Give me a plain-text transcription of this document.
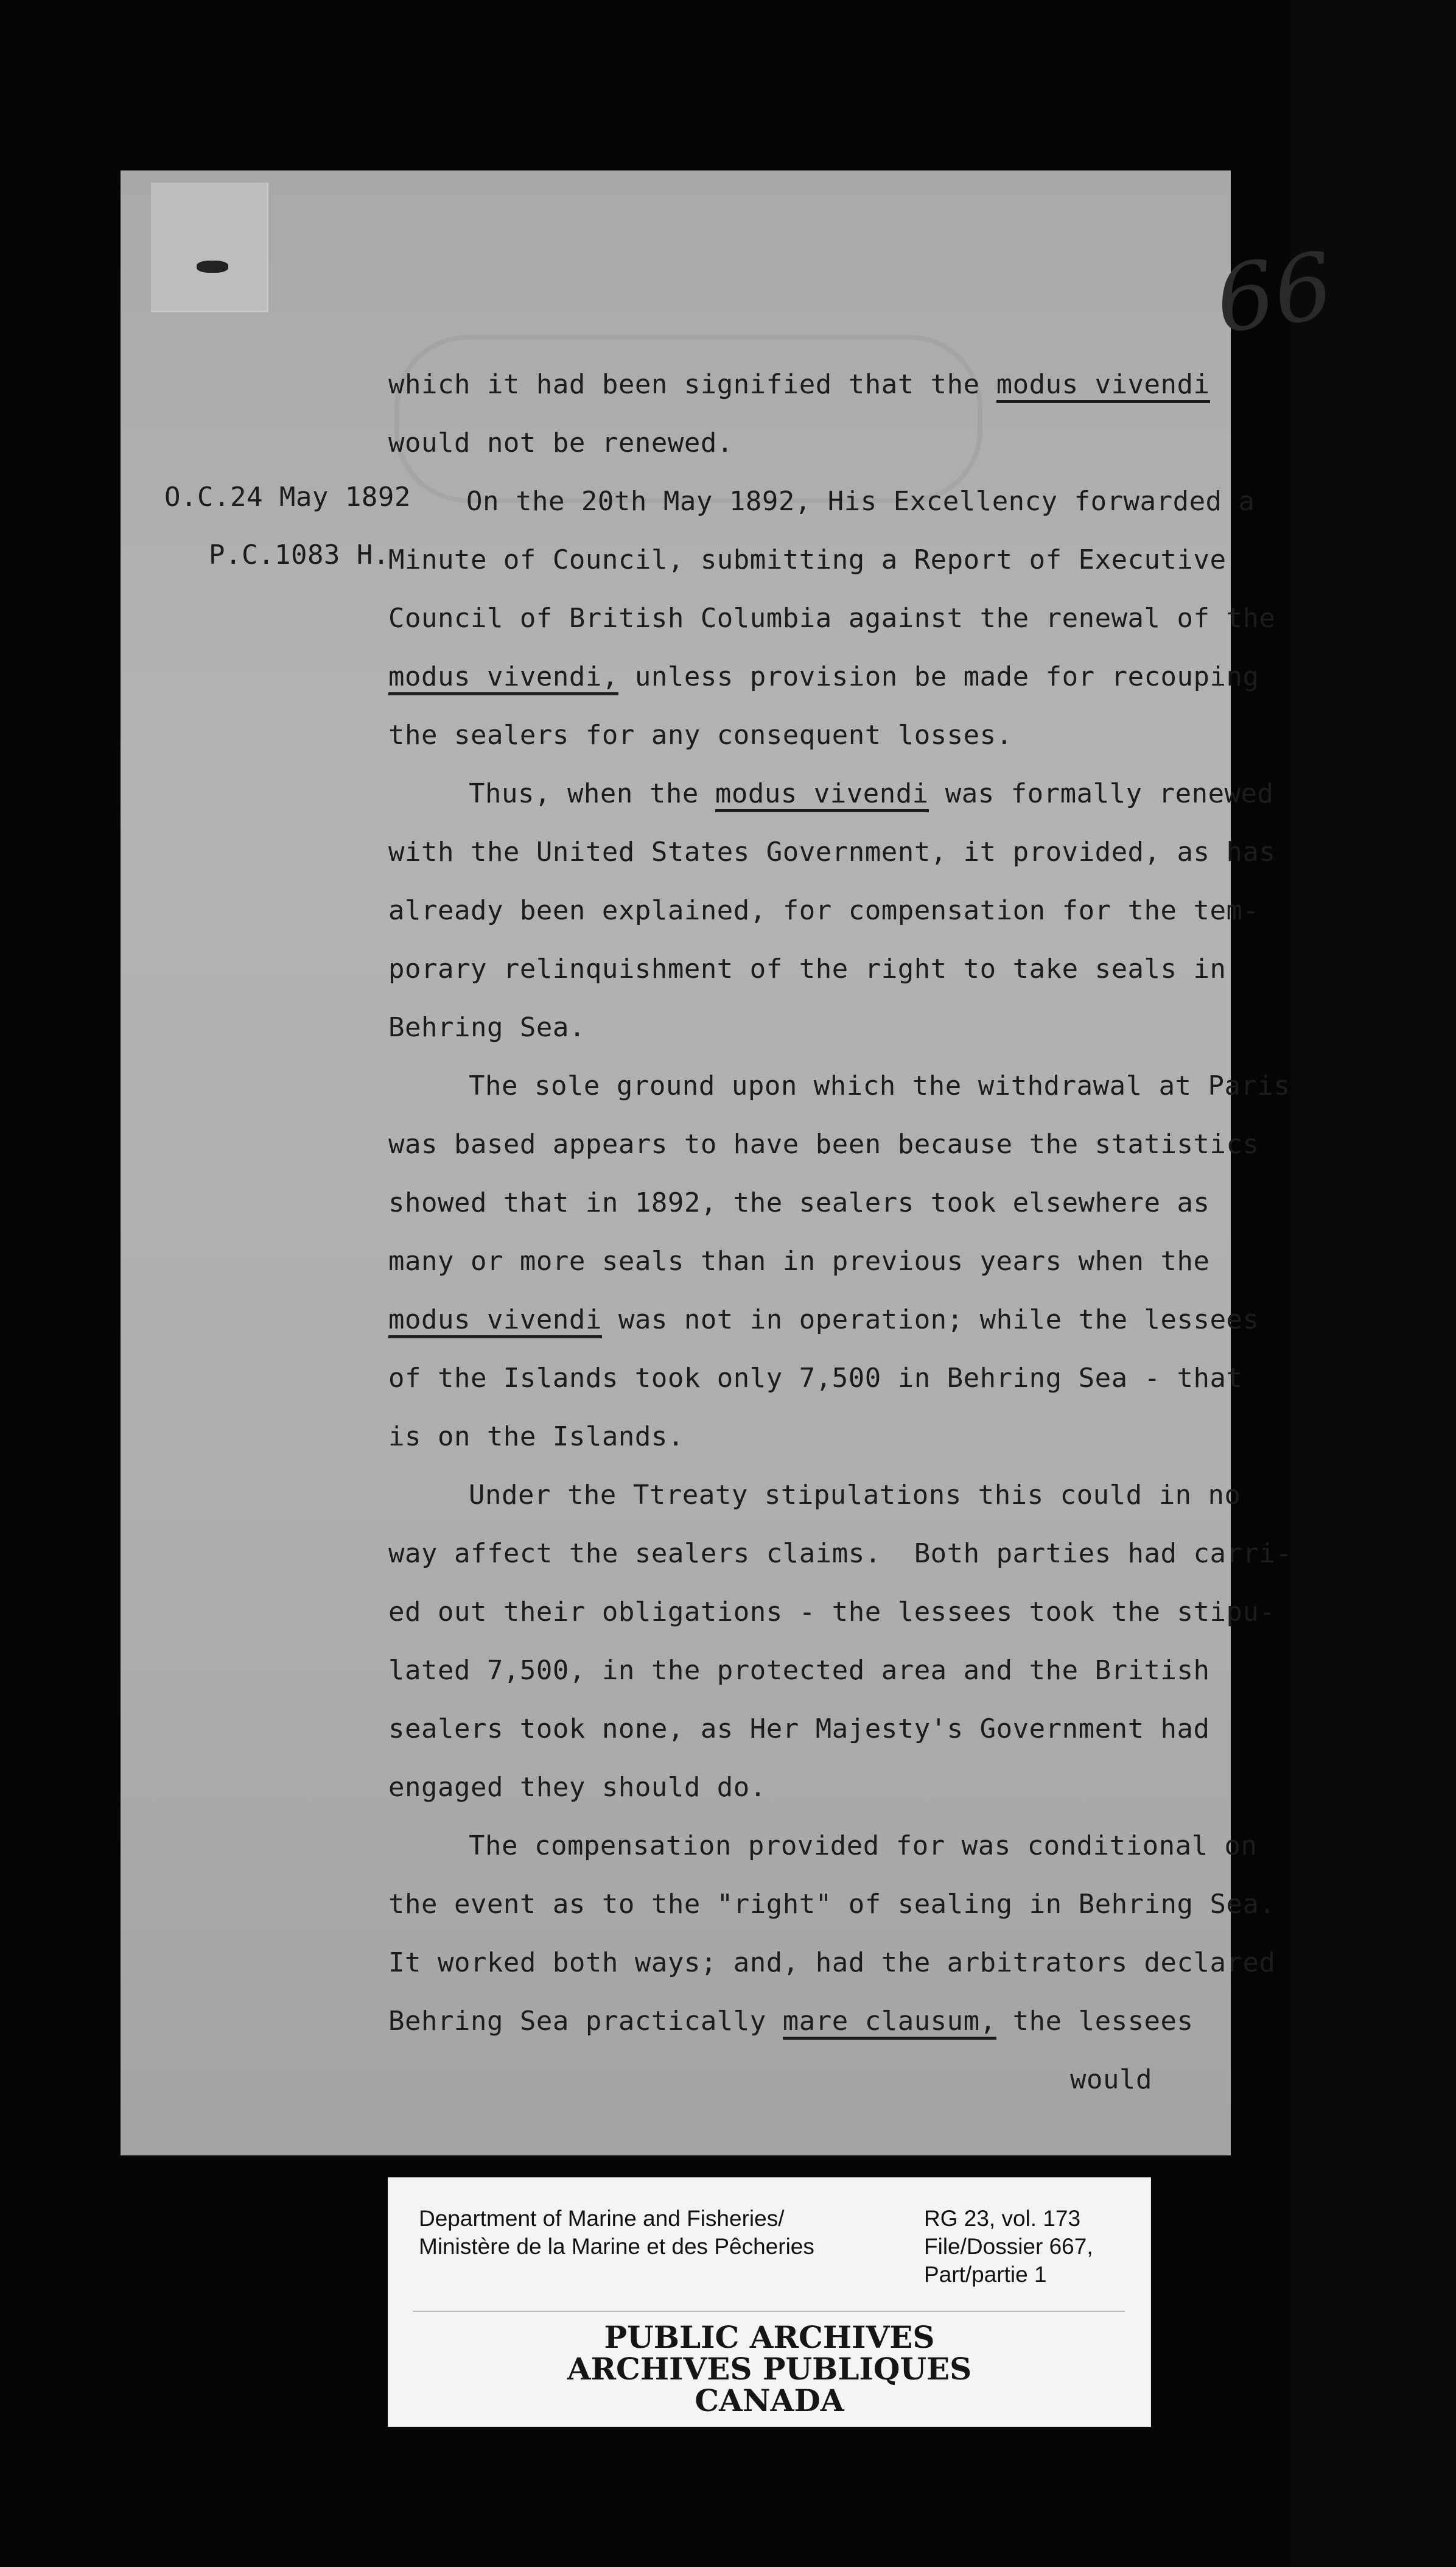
66
O.C.24 May 1892
P.C.1083 H.
which it had been signified that the modus vivendi
would not be renewed.
On the 20th May 1892, His Excellency forwarded a
Minute of Council, submitting a Report of Executive
Council of British Columbia against the renewal of the
modus vivendi, unless provision be made for recouping
the sealers for any consequent losses.
Thus, when the modus vivendi was formally renewed
with the United States Government, it provided, as has
already been explained, for compensation for the tem-
porary relinquishment of the right to take seals in
Behring Sea.
The sole ground upon which the withdrawal at Paris
was based appears to have been because the statistics
showed that in 1892, the sealers took elsewhere as
many or more seals than in previous years when the
modus vivendi was not in operation; while the lessees
of the Islands took only 7,500 in Behring Sea - that
is on the Islands.
Under the Ttreaty stipulations this could in no
way affect the sealers claims.  Both parties had carri-
ed out their obligations - the lessees took the stipu-
lated 7,500, in the protected area and the British
sealers took none, as Her Majesty's Government had
engaged they should do.
The compensation provided for was conditional on
the event as to the "right" of sealing in Behring Sea.
It worked both ways; and, had the arbitrators declared
Behring Sea practically mare clausum, the lessees
would
Department of Marine and Fisheries/
Ministère de la Marine et des Pêcheries
RG 23, vol. 173
File/Dossier 667,
Part/partie 1
PUBLIC ARCHIVES
ARCHIVES PUBLIQUES
CANADA
